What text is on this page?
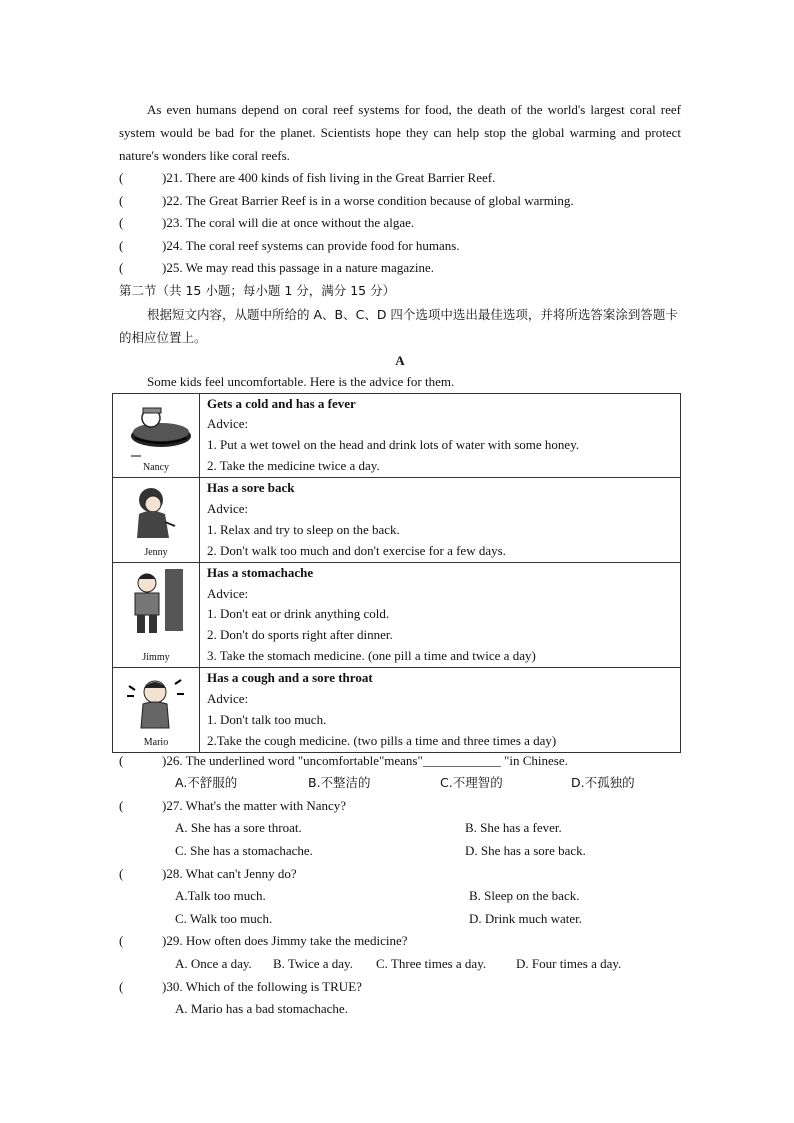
As even humans depend on coral reef systems for food, the death of the world's largest coral reef system would be bad for the planet. Scientists hope they can help stop the global warming and protect nature's wonders like coral reefs.

(	)21. There are 400 kinds of fish living in the Great Barrier Reef.
(	)22. The Great Barrier Reef is in a worse condition because of global warming.
(	)23. The coral will die at once without the algae.
(	)24. The coral reef systems can provide food for humans.
(	)25. We may read this passage in a nature magazine.
第二节（共 15 小题；每小题 1 分，满分 15 分）

根据短文内容，从题中所给的 A、B、C、D 四个选项中选出最佳选项，并将所选答案涂到答题卡的相应位置上。

A
Some kids feel uncomfortable. Here is the advice for them.
Nancy	Gets a cold and has a fever
Advice:
1. Put a wet towel on the head and drink lots of water with some honey.
2. Take the medicine twice a day.

Jenny	Has a sore back
Advice:
1. Relax and try to sleep on the back.
2. Don't walk too much and don't exercise for a few days.

Jimmy	Has a stomachache
Advice:
1. Don't eat or drink anything cold.
2. Don't do sports right after dinner.
3. Take the stomach medicine. (one pill a time and twice a day)

Mario	Has a cough and a sore throat
Advice:
1. Don't talk too much.
2.Take the cough medicine. (two pills a time and three times a day)
(	)26. The underlined word "uncomfortable"means"____________ "in Chinese.
A.不舒服的	B.不整洁的	C.不理智的	D.不孤独的
(	)27. What's the matter with Nancy?
A. She has a sore throat.	B. She has a fever.
C. She has a stomachache.	D. She has a sore back.
(	)28. What can't Jenny do?
A.Talk too much.	B. Sleep on the back.
C. Walk too much.	D. Drink much water.
(	)29. How often does Jimmy take the medicine?
A. Once a day. B. Twice a day. C. Three times a day. D. Four times a day.
(	)30. Which of the following is TRUE?
A. Mario has a bad stomachache.
